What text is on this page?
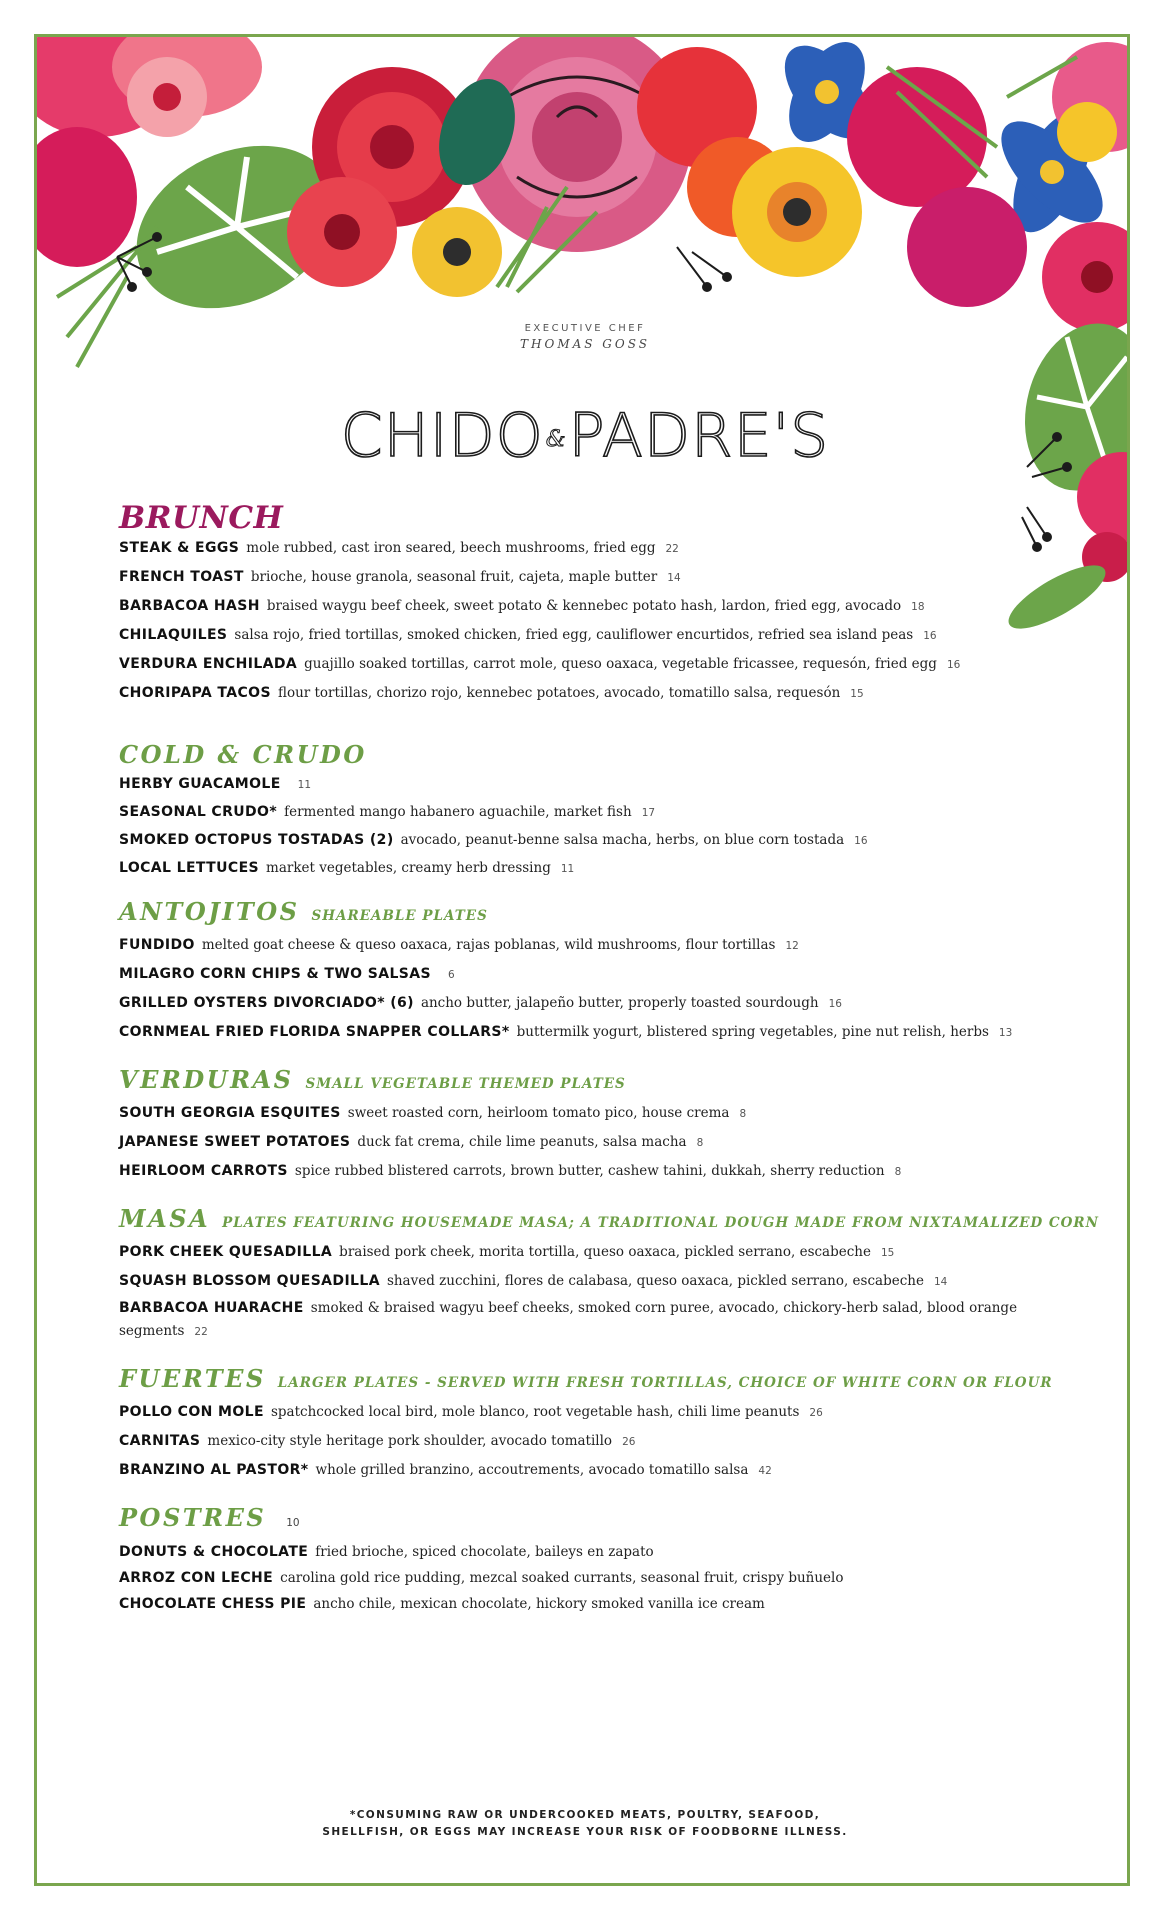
EXECUTIVE CHEF
THOMAS GOSS
CHIDO&PADRE'S
BRUNCH
STEAK & EGGS mole rubbed, cast iron seared, beech mushrooms, fried egg 22
FRENCH TOAST brioche, house granola, seasonal fruit, cajeta, maple butter 14
BARBACOA HASH braised waygu beef cheek, sweet potato & kennebec potato hash, lardon, fried egg, avocado 18
CHILAQUILES salsa rojo, fried tortillas, smoked chicken, fried egg, cauliflower encurtidos, refried sea island peas 16
VERDURA ENCHILADA guajillo soaked tortillas, carrot mole, queso oaxaca, vegetable fricassee, requesón, fried egg 16
CHORIPAPA TACOS flour tortillas, chorizo rojo, kennebec potatoes, avocado, tomatillo salsa, requesón 15
COLD & CRUDO
HERBY GUACAMOLE 11
SEASONAL CRUDO* fermented mango habanero aguachile, market fish 17
SMOKED OCTOPUS TOSTADAS (2) avocado, peanut-benne salsa macha, herbs, on blue corn tostada 16
LOCAL LETTUCES market vegetables, creamy herb dressing 11
ANTOJITOS SHAREABLE PLATES
FUNDIDO melted goat cheese & queso oaxaca, rajas poblanas, wild mushrooms, flour tortillas 12
MILAGRO CORN CHIPS & TWO SALSAS 6
GRILLED OYSTERS DIVORCIADO* (6) ancho butter, jalapeño butter, properly toasted sourdough 16
CORNMEAL FRIED FLORIDA SNAPPER COLLARS* buttermilk yogurt, blistered spring vegetables, pine nut relish, herbs 13
VERDURAS SMALL VEGETABLE THEMED PLATES
SOUTH GEORGIA ESQUITES sweet roasted corn, heirloom tomato pico, house crema 8
JAPANESE SWEET POTATOES duck fat crema, chile lime peanuts, salsa macha 8
HEIRLOOM CARROTS spice rubbed blistered carrots, brown butter, cashew tahini, dukkah, sherry reduction 8
MASA PLATES FEATURING HOUSEMADE MASA; A TRADITIONAL DOUGH MADE FROM NIXTAMALIZED CORN
PORK CHEEK QUESADILLA braised pork cheek, morita tortilla, queso oaxaca, pickled serrano, escabeche 15
SQUASH BLOSSOM QUESADILLA shaved zucchini, flores de calabasa, queso oaxaca, pickled serrano, escabeche 14
BARBACOA HUARACHE smoked & braised wagyu beef cheeks, smoked corn puree, avocado, chickory-herb salad, blood orange segments 22
FUERTES LARGER PLATES - SERVED WITH FRESH TORTILLAS, CHOICE OF WHITE CORN OR FLOUR
POLLO CON MOLE spatchcocked local bird, mole blanco, root vegetable hash, chili lime peanuts 26
CARNITAS mexico-city style heritage pork shoulder, avocado tomatillo 26
BRANZINO AL PASTOR* whole grilled branzino, accoutrements, avocado tomatillo salsa 42
POSTRES 10
DONUTS & CHOCOLATE fried brioche, spiced chocolate, baileys en zapato
ARROZ CON LECHE carolina gold rice pudding, mezcal soaked currants, seasonal fruit, crispy buñuelo
CHOCOLATE CHESS PIE ancho chile, mexican chocolate, hickory smoked vanilla ice cream
*CONSUMING RAW OR UNDERCOOKED MEATS, POULTRY, SEAFOOD,
SHELLFISH, OR EGGS MAY INCREASE YOUR RISK OF FOODBORNE ILLNESS.
